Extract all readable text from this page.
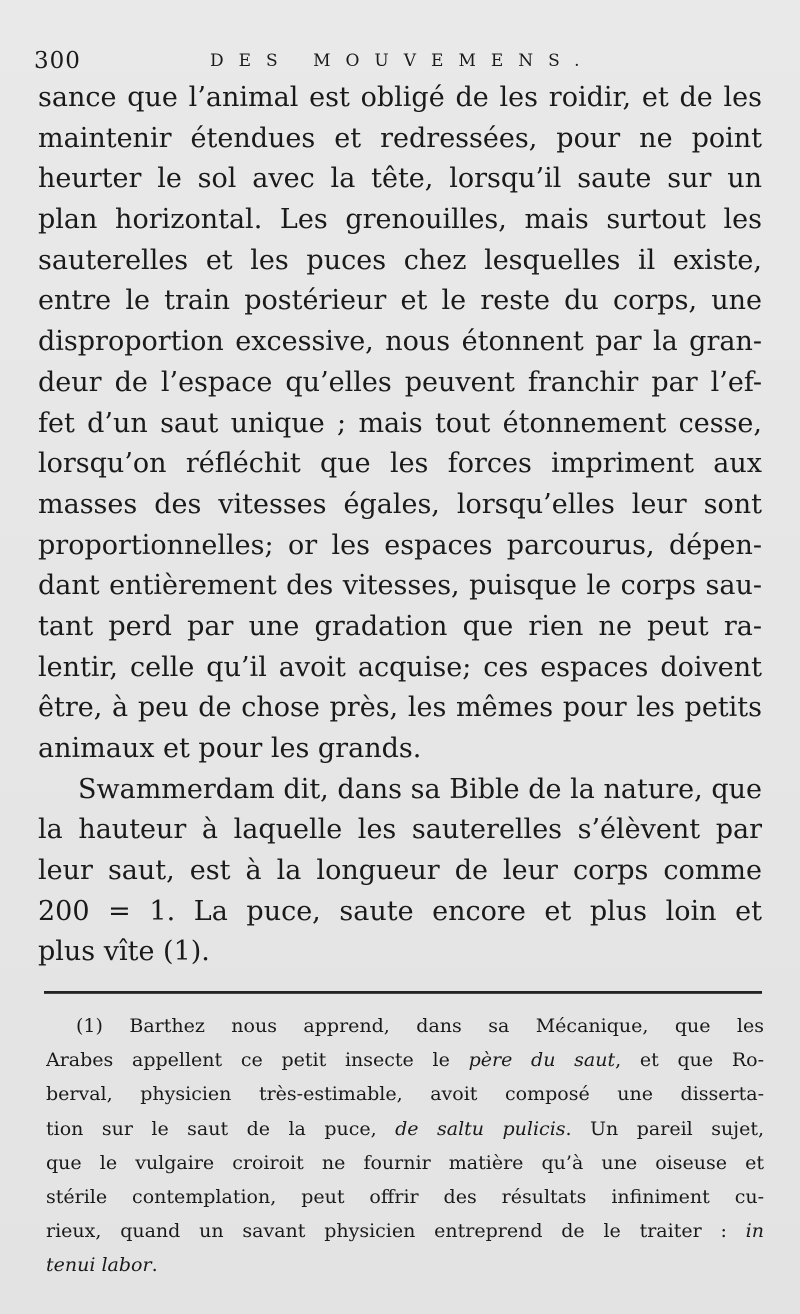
300	DES MOUVEMENS.
sance que l’animal est obligé de les roidir, et de les
maintenir étendues et redressées, pour ne point
heurter le sol avec la tête, lorsqu’il saute sur un
plan horizontal. Les grenouilles, mais surtout les
sauterelles et les puces chez lesquelles il existe,
entre le train postérieur et le reste du corps, une
disproportion excessive, nous étonnent par la gran-
deur de l’espace qu’elles peuvent franchir par l’ef-
fet d’un saut unique ; mais tout étonnement cesse,
lorsqu’on réfléchit que les forces impriment aux
masses des vitesses égales, lorsqu’elles leur sont
proportionnelles; or les espaces parcourus, dépen-
dant entièrement des vitesses, puisque le corps sau-
tant perd par une gradation que rien ne peut ra-
lentir, celle qu’il avoit acquise; ces espaces doivent
être, à peu de chose près, les mêmes pour les petits
animaux et pour les grands.
Swammerdam dit, dans sa Bible de la nature, que
la hauteur à laquelle les sauterelles s’élèvent par
leur saut, est à la longueur de leur corps comme
200 = 1. La puce, saute encore et plus loin et
plus vîte (1).
(1) Barthez nous apprend, dans sa Mécanique, que les
Arabes appellent ce petit insecte le père du saut, et que Ro-
berval, physicien très-estimable, avoit composé une disserta-
tion sur le saut de la puce, de saltu pulicis. Un pareil sujet,
que le vulgaire croiroit ne fournir matière qu’à une oiseuse et
stérile contemplation, peut offrir des résultats infiniment cu-
rieux, quand un savant physicien entreprend de le traiter : in
tenui labor.
